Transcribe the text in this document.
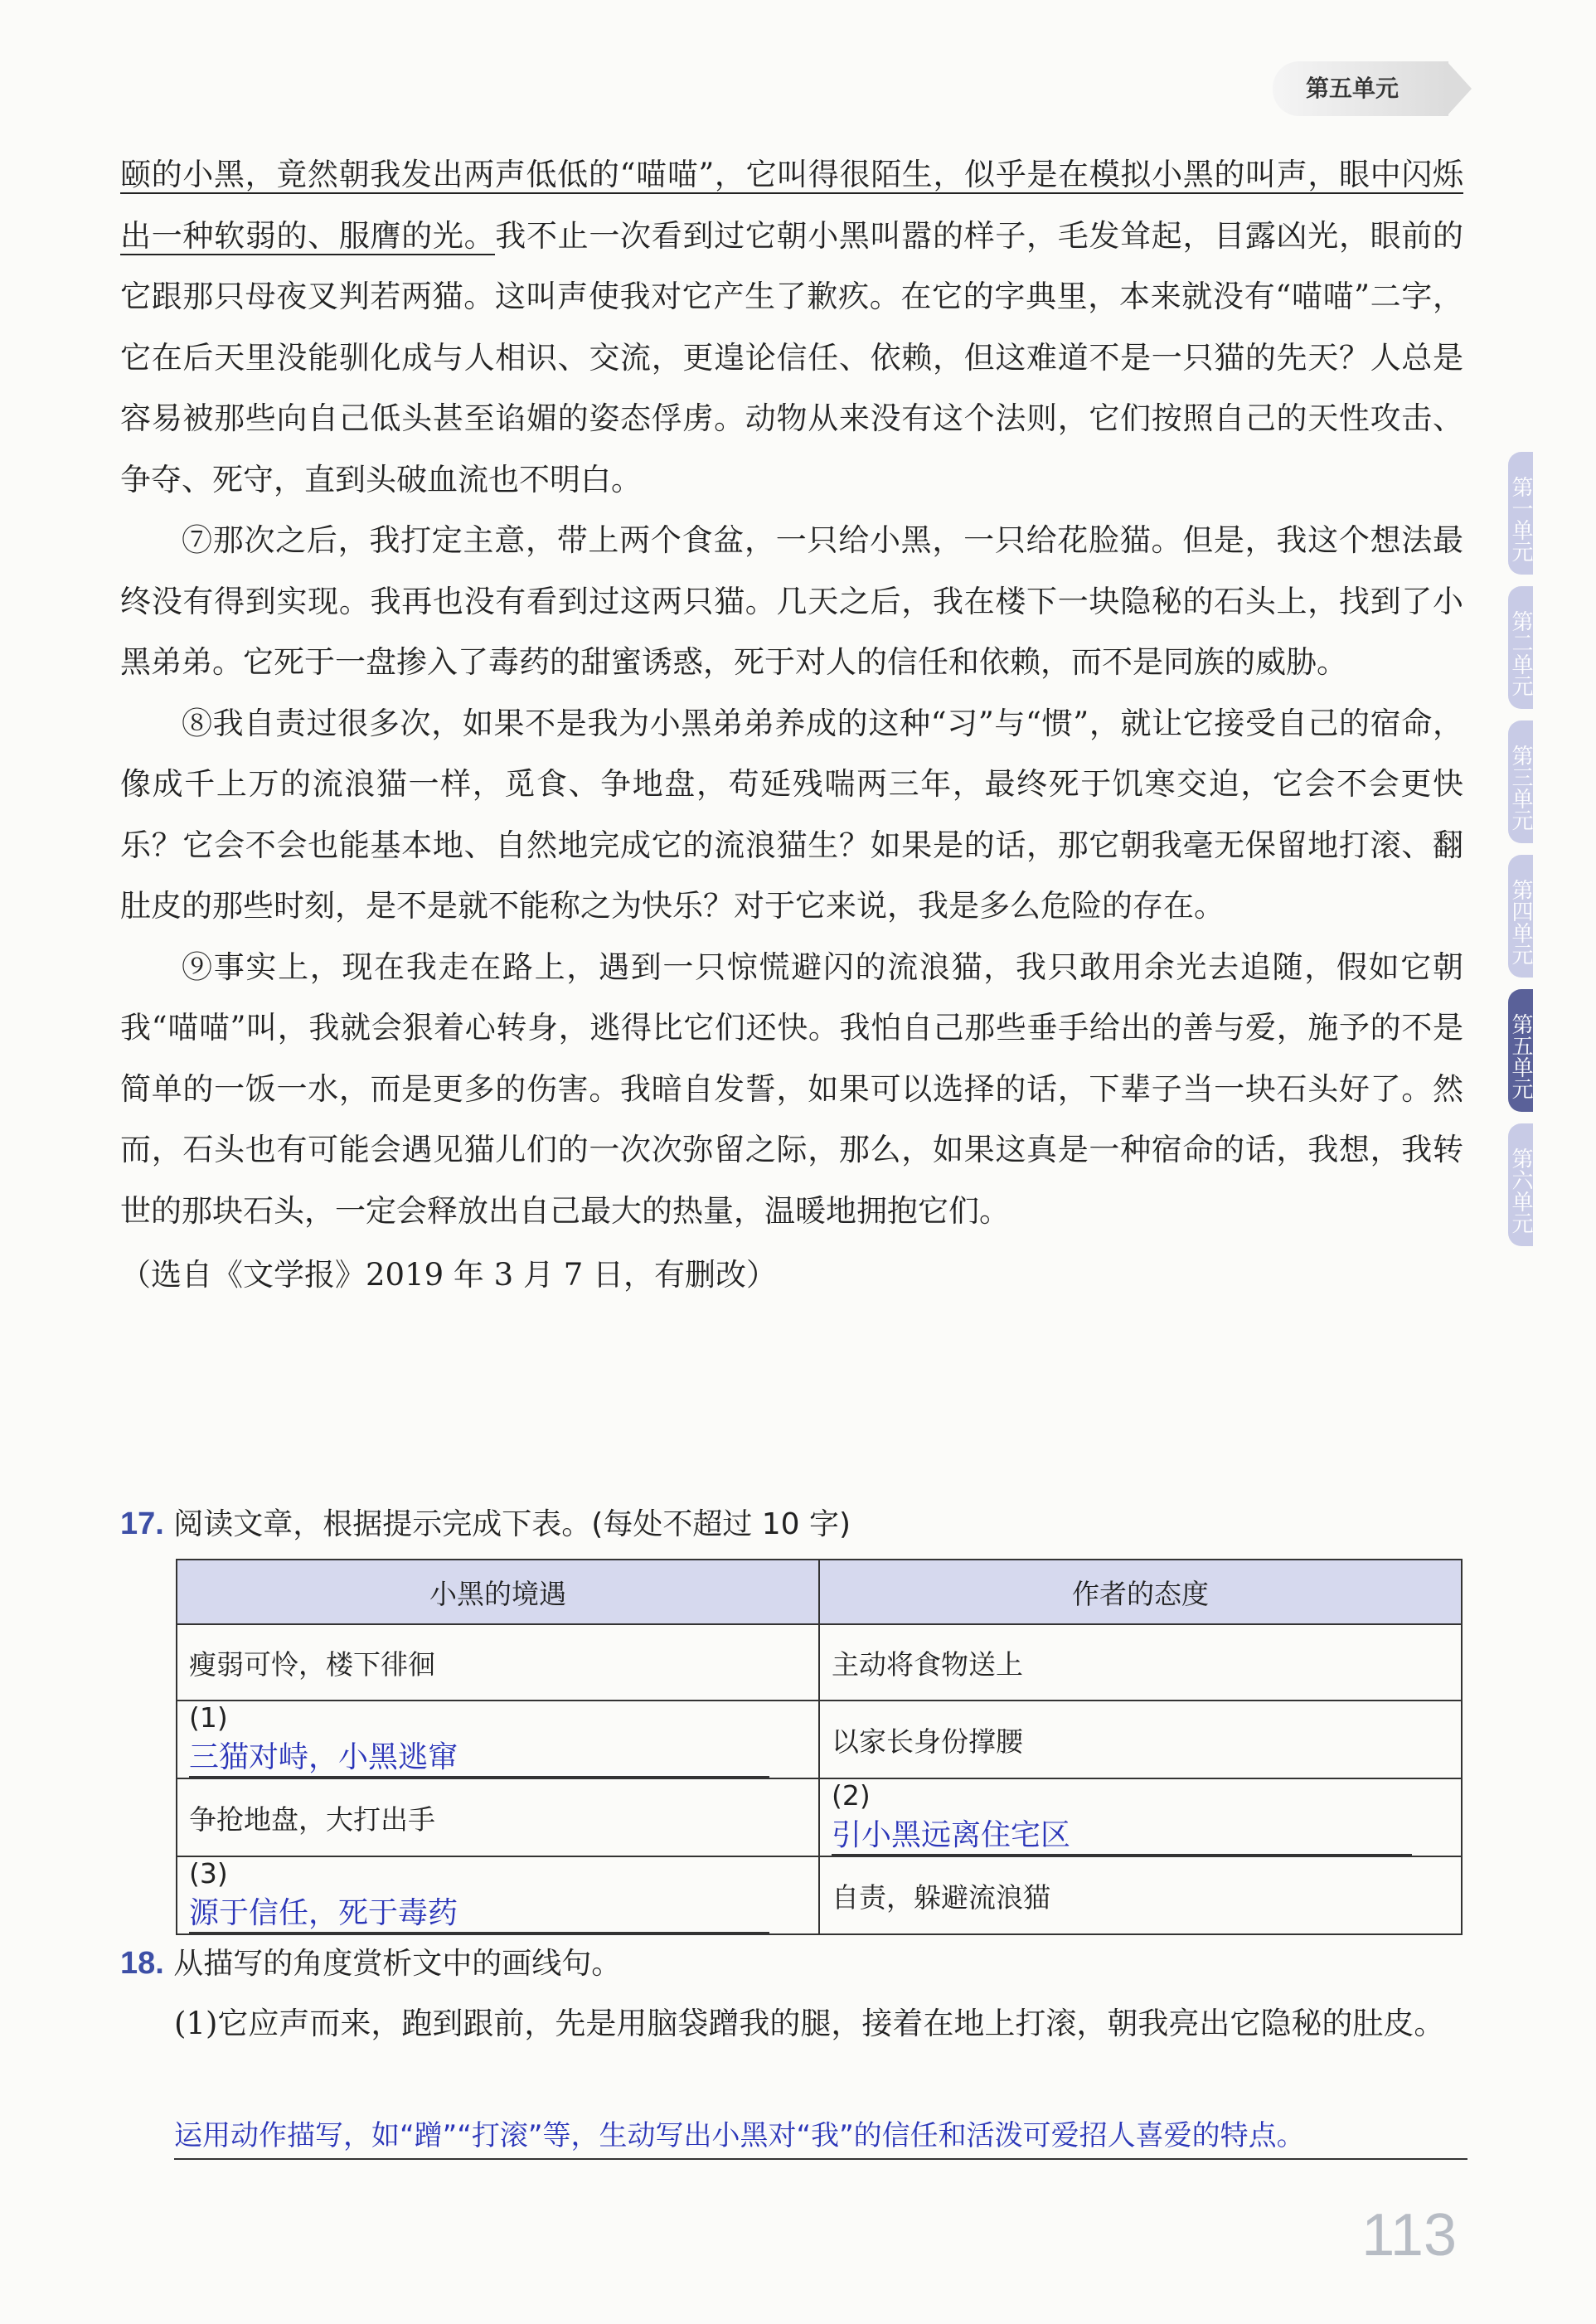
第五单元
第一单元
第二单元
第三单元
第四单元
第五单元
第六单元

颐的小黑，竟然朝我发出两声低低的“喵喵”，它叫得很陌生，似乎是在模拟小黑的叫声，眼中闪烁出一种软弱的、服膺的光。我不止一次看到过它朝小黑叫嚣的样子，毛发耸起，目露凶光，眼前的它跟那只母夜叉判若两猫。这叫声使我对它产生了歉疚。在它的字典里，本来就没有“喵喵”二字，它在后天里没能驯化成与人相识、交流，更遑论信任、依赖，但这难道不是一只猫的先天？人总是容易被那些向自己低头甚至谄媚的姿态俘虏。动物从来没有这个法则，它们按照自己的天性攻击、争夺、死守，直到头破血流也不明白。

⑦那次之后，我打定主意，带上两个食盆，一只给小黑，一只给花脸猫。但是，我这个想法最终没有得到实现。我再也没有看到过这两只猫。几天之后，我在楼下一块隐秘的石头上，找到了小黑弟弟。它死于一盘掺入了毒药的甜蜜诱惑，死于对人的信任和依赖，而不是同族的威胁。

⑧我自责过很多次，如果不是我为小黑弟弟养成的这种“习”与“惯”，就让它接受自己的宿命，像成千上万的流浪猫一样，觅食、争地盘，苟延残喘两三年，最终死于饥寒交迫，它会不会更快乐？它会不会也能基本地、自然地完成它的流浪猫生？如果是的话，那它朝我毫无保留地打滚、翻肚皮的那些时刻，是不是就不能称之为快乐？对于它来说，我是多么危险的存在。

⑨事实上，现在我走在路上，遇到一只惊慌避闪的流浪猫，我只敢用余光去追随，假如它朝我“喵喵”叫，我就会狠着心转身，逃得比它们还快。我怕自己那些垂手给出的善与爱，施予的不是简单的一饭一水，而是更多的伤害。我暗自发誓，如果可以选择的话，下辈子当一块石头好了。然而，石头也有可能会遇见猫儿们的一次次弥留之际，那么，如果这真是一种宿命的话，我想，我转世的那块石头，一定会释放出自己最大的热量，温暖地拥抱它们。

（选自《文学报》2019 年 3 月 7 日，有删改）

17. 阅读文章，根据提示完成下表。(每处不超过 10 字)
小黑的境遇	作者的态度
瘦弱可怜，楼下徘徊	主动将食物送上
(1)三猫对峙，小黑逃窜	以家长身份撑腰
争抢地盘，大打出手	(2)引小黑远离住宅区
(3)源于信任，死于毒药	自责，躲避流浪猫
18. 从描写的角度赏析文中的画线句。
(1)它应声而来，跑到跟前，先是用脑袋蹭我的腿，接着在地上打滚，朝我亮出它隐秘的肚皮。
运用动作描写，如“蹭”“打滚”等，生动写出小黑对“我”的信任和活泼可爱招人喜爱的特点。
113
